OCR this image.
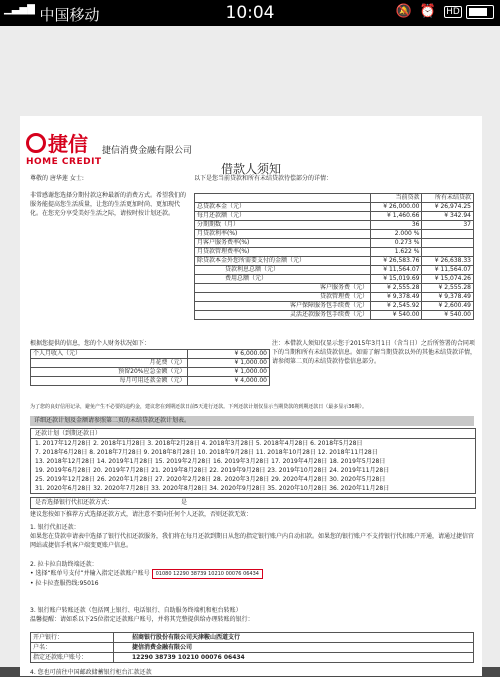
▁▃▅▇ 中国移动	10:04	🔕 ⏰ HD
捷信
HOME CREDIT
捷信消费金融有限公司
借款人须知
尊敬的 唐华莲 女士:
非常感谢您选择分期付款这种最新的消费方式。希望我们的服务能提高您生活质量，让您的生活更加时尚、更加现代化。在您充分享受美好生活之际，请按时按计划还款。
以下是您当前贷款和所有未结贷款待偿部分的详情：
	当前贷款	所有未结贷款
总贷款本金（元）	¥ 26,000.00	¥ 26,974.25
每月还款额（元）	¥ 1,460.66	¥ 342.94
分期期数（月）	36	37
月贷款利率(%)	2.000 %	
月客户服务费率(%)	0.273 %	
月贷款管理费率(%)	1.622 %	
除贷款本金外您所需要支付的金额（元）	¥ 26,583.76	¥ 26,638.33
贷款利息总额（元）	¥ 11,564.07	¥ 11,564.07
费用总额（元）	¥ 15,019.69	¥ 15,074.26
客户服务费（元）	¥ 2,555.28	¥ 2,555.28
贷款管理费（元）	¥ 9,378.49	¥ 9,378.49
客户保障服务包手续费（元）	¥ 2,545.92	¥ 2,600.49
灵活还款服务包手续费（元）	¥ 540.00	¥ 540.00
根据您提供的信息，您的个人财务状况如下：
个人月收入（元）	¥ 6,000.00
月花费（元）	¥ 1,000.00
预留20%应急金额（元）	¥ 1,000.00
每月可用还款金额（元）	¥ 4,000.00
注：本借款人须知仅显示您于2015年3月1日（含当日）之后所签署的合同项下的当期和所有未结贷款信息。如需了解当期贷款以外的其他未结贷款详情，请参阅第二页的未结贷款待偿信息部分。
为了您的良好信用记录，避免产生不必要的违约金，建议您在到期还款日前5天进行还款。下列还款计划仅显示当期贷款的到期还款日（最多显示36期）。
详细还款计划及金额请参照第二页的未结贷款还款计划表。
还款计划（到期还款日）
1. 2017年12月28日 2. 2018年1月28日 3. 2018年2月28日 4. 2018年3月28日 5. 2018年4月28日 6. 2018年5月28日
7. 2018年6月28日 8. 2018年7月28日 9. 2018年8月28日 10. 2018年9月28日 11. 2018年10月28日 12. 2018年11月28日
13. 2018年12月28日 14. 2019年1月28日 15. 2019年2月28日 16. 2019年3月28日 17. 2019年4月28日 18. 2019年5月28日
19. 2019年6月28日 20. 2019年7月28日 21. 2019年8月28日 22. 2019年9月28日 23. 2019年10月28日 24. 2019年11月28日
25. 2019年12月28日 26. 2020年1月28日 27. 2020年2月28日 28. 2020年3月28日 29. 2020年4月28日 30. 2020年5月28日
31. 2020年6月28日 32. 2020年7月28日 33. 2020年8月28日 34. 2020年9月28日 35. 2020年10月28日 36. 2020年11月28日
是否选择银行代扣还款方式：	是
建议您按如下推荐方式选择还款方式，请注意不要向任何个人还款，否则还款无效：
1. 银行代扣还款：
如果您在贷款申请表中选择了银行代扣还款服务，我们将在每月还款到期日从您的指定银行账户内自动扣款。如果您的银行账户不支持银行代扣账户开通，请通过捷信官网站或捷信手机客户端变更账户信息。
2. 拉卡拉自助终端还款：
• 选择“账单号支付”并输入指定还款账户账号 01080 12290 38739 10210 00076 06434
• 拉卡拉查服热线:95016
3. 银行账户转账还款（包括网上银行、电话银行、自助服务终端机和柜台转账）
温馨提醒：请如系以下25位指定还款账户账号，并将其完整提供给办理转账的银行：
开户银行：	招商银行股份有限公司天津鞍山西道支行
户名：	捷信消费金融有限公司
指定还款账户账号：	12290 38739 10210 00076 06434
4. 您也可前往中国邮政储蓄银行柜台汇款还款
